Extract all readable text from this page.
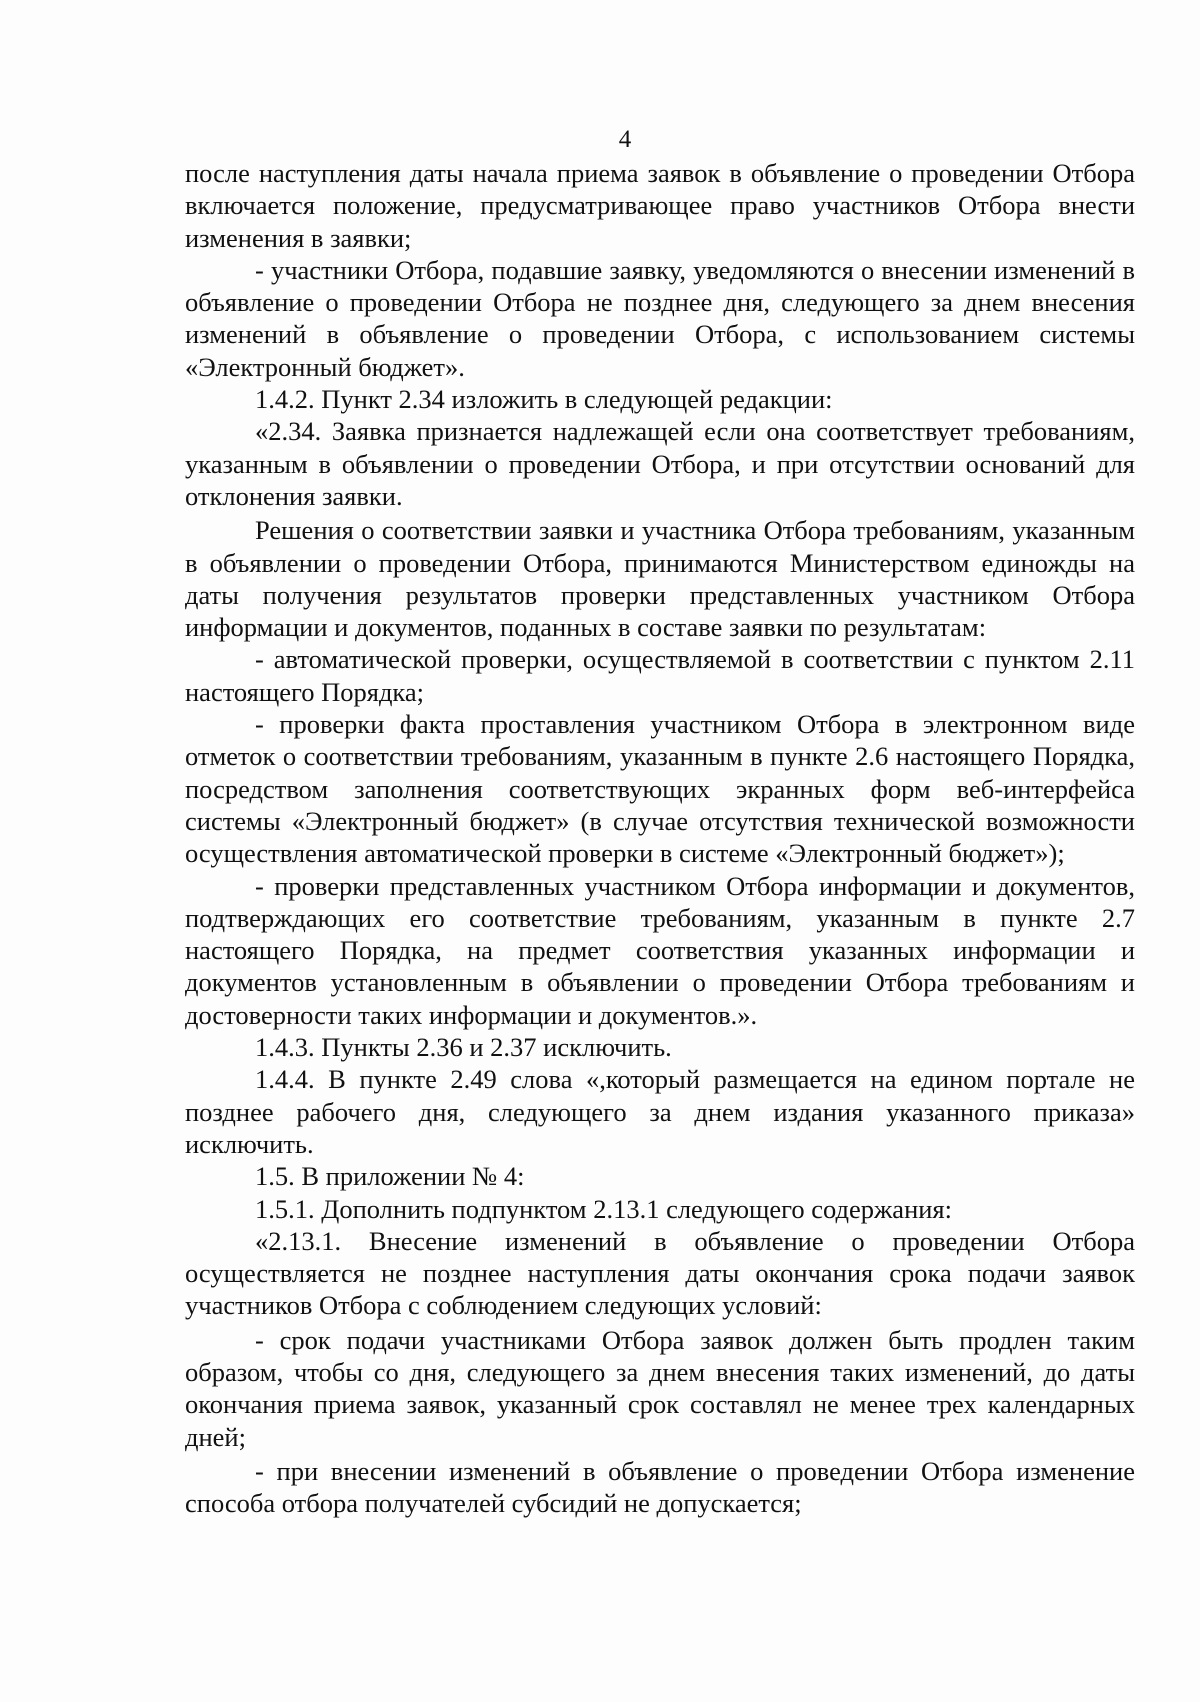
4

после наступления даты начала приема заявок в объявление о проведении Отбора включается положение, предусматривающее право участников Отбора внести изменения в заявки;

- участники Отбора, подавшие заявку, уведомляются о внесении изменений в объявление о проведении Отбора не позднее дня, следующего за днем внесения изменений в объявление о проведении Отбора, с использованием системы «Электронный бюджет».

1.4.2. Пункт 2.34 изложить в следующей редакции:

«2.34. Заявка признается надлежащей если она соответствует требованиям, указанным в объявлении о проведении Отбора, и при отсутствии оснований для отклонения заявки.

Решения о соответствии заявки и участника Отбора требованиям, указанным в объявлении о проведении Отбора, принимаются Министерством единожды на даты получения результатов проверки представленных участником Отбора информации и документов, поданных в составе заявки по результатам:

- автоматической проверки, осуществляемой в соответствии с пунктом 2.11 настоящего Порядка;

- проверки факта проставления участником Отбора в электронном виде отметок о соответствии требованиям, указанным в пункте 2.6 настоящего Порядка, посредством заполнения соответствующих экранных форм веб-интерфейса системы «Электронный бюджет» (в случае отсутствия технической возможности осуществления автоматической проверки в системе «Электронный бюджет»);

- проверки представленных участником Отбора информации и документов, подтверждающих его соответствие требованиям, указанным в пункте 2.7 настоящего Порядка, на предмет соответствия указанных информации и документов установленным в объявлении о проведении Отбора требованиям и достоверности таких информации и документов.».

1.4.3. Пункты 2.36 и 2.37 исключить.

1.4.4. В пункте 2.49 слова «,который размещается на едином портале не позднее рабочего дня, следующего за днем издания указанного приказа» исключить.

1.5. В приложении № 4:

1.5.1. Дополнить подпунктом 2.13.1 следующего содержания:

«2.13.1. Внесение изменений в объявление о проведении Отбора осуществляется не позднее наступления даты окончания срока подачи заявок участников Отбора с соблюдением следующих условий:

- срок подачи участниками Отбора заявок должен быть продлен таким образом, чтобы со дня, следующего за днем внесения таких изменений, до даты окончания приема заявок, указанный срок составлял не менее трех календарных дней;

- при внесении изменений в объявление о проведении Отбора изменение способа отбора получателей субсидий не допускается;
